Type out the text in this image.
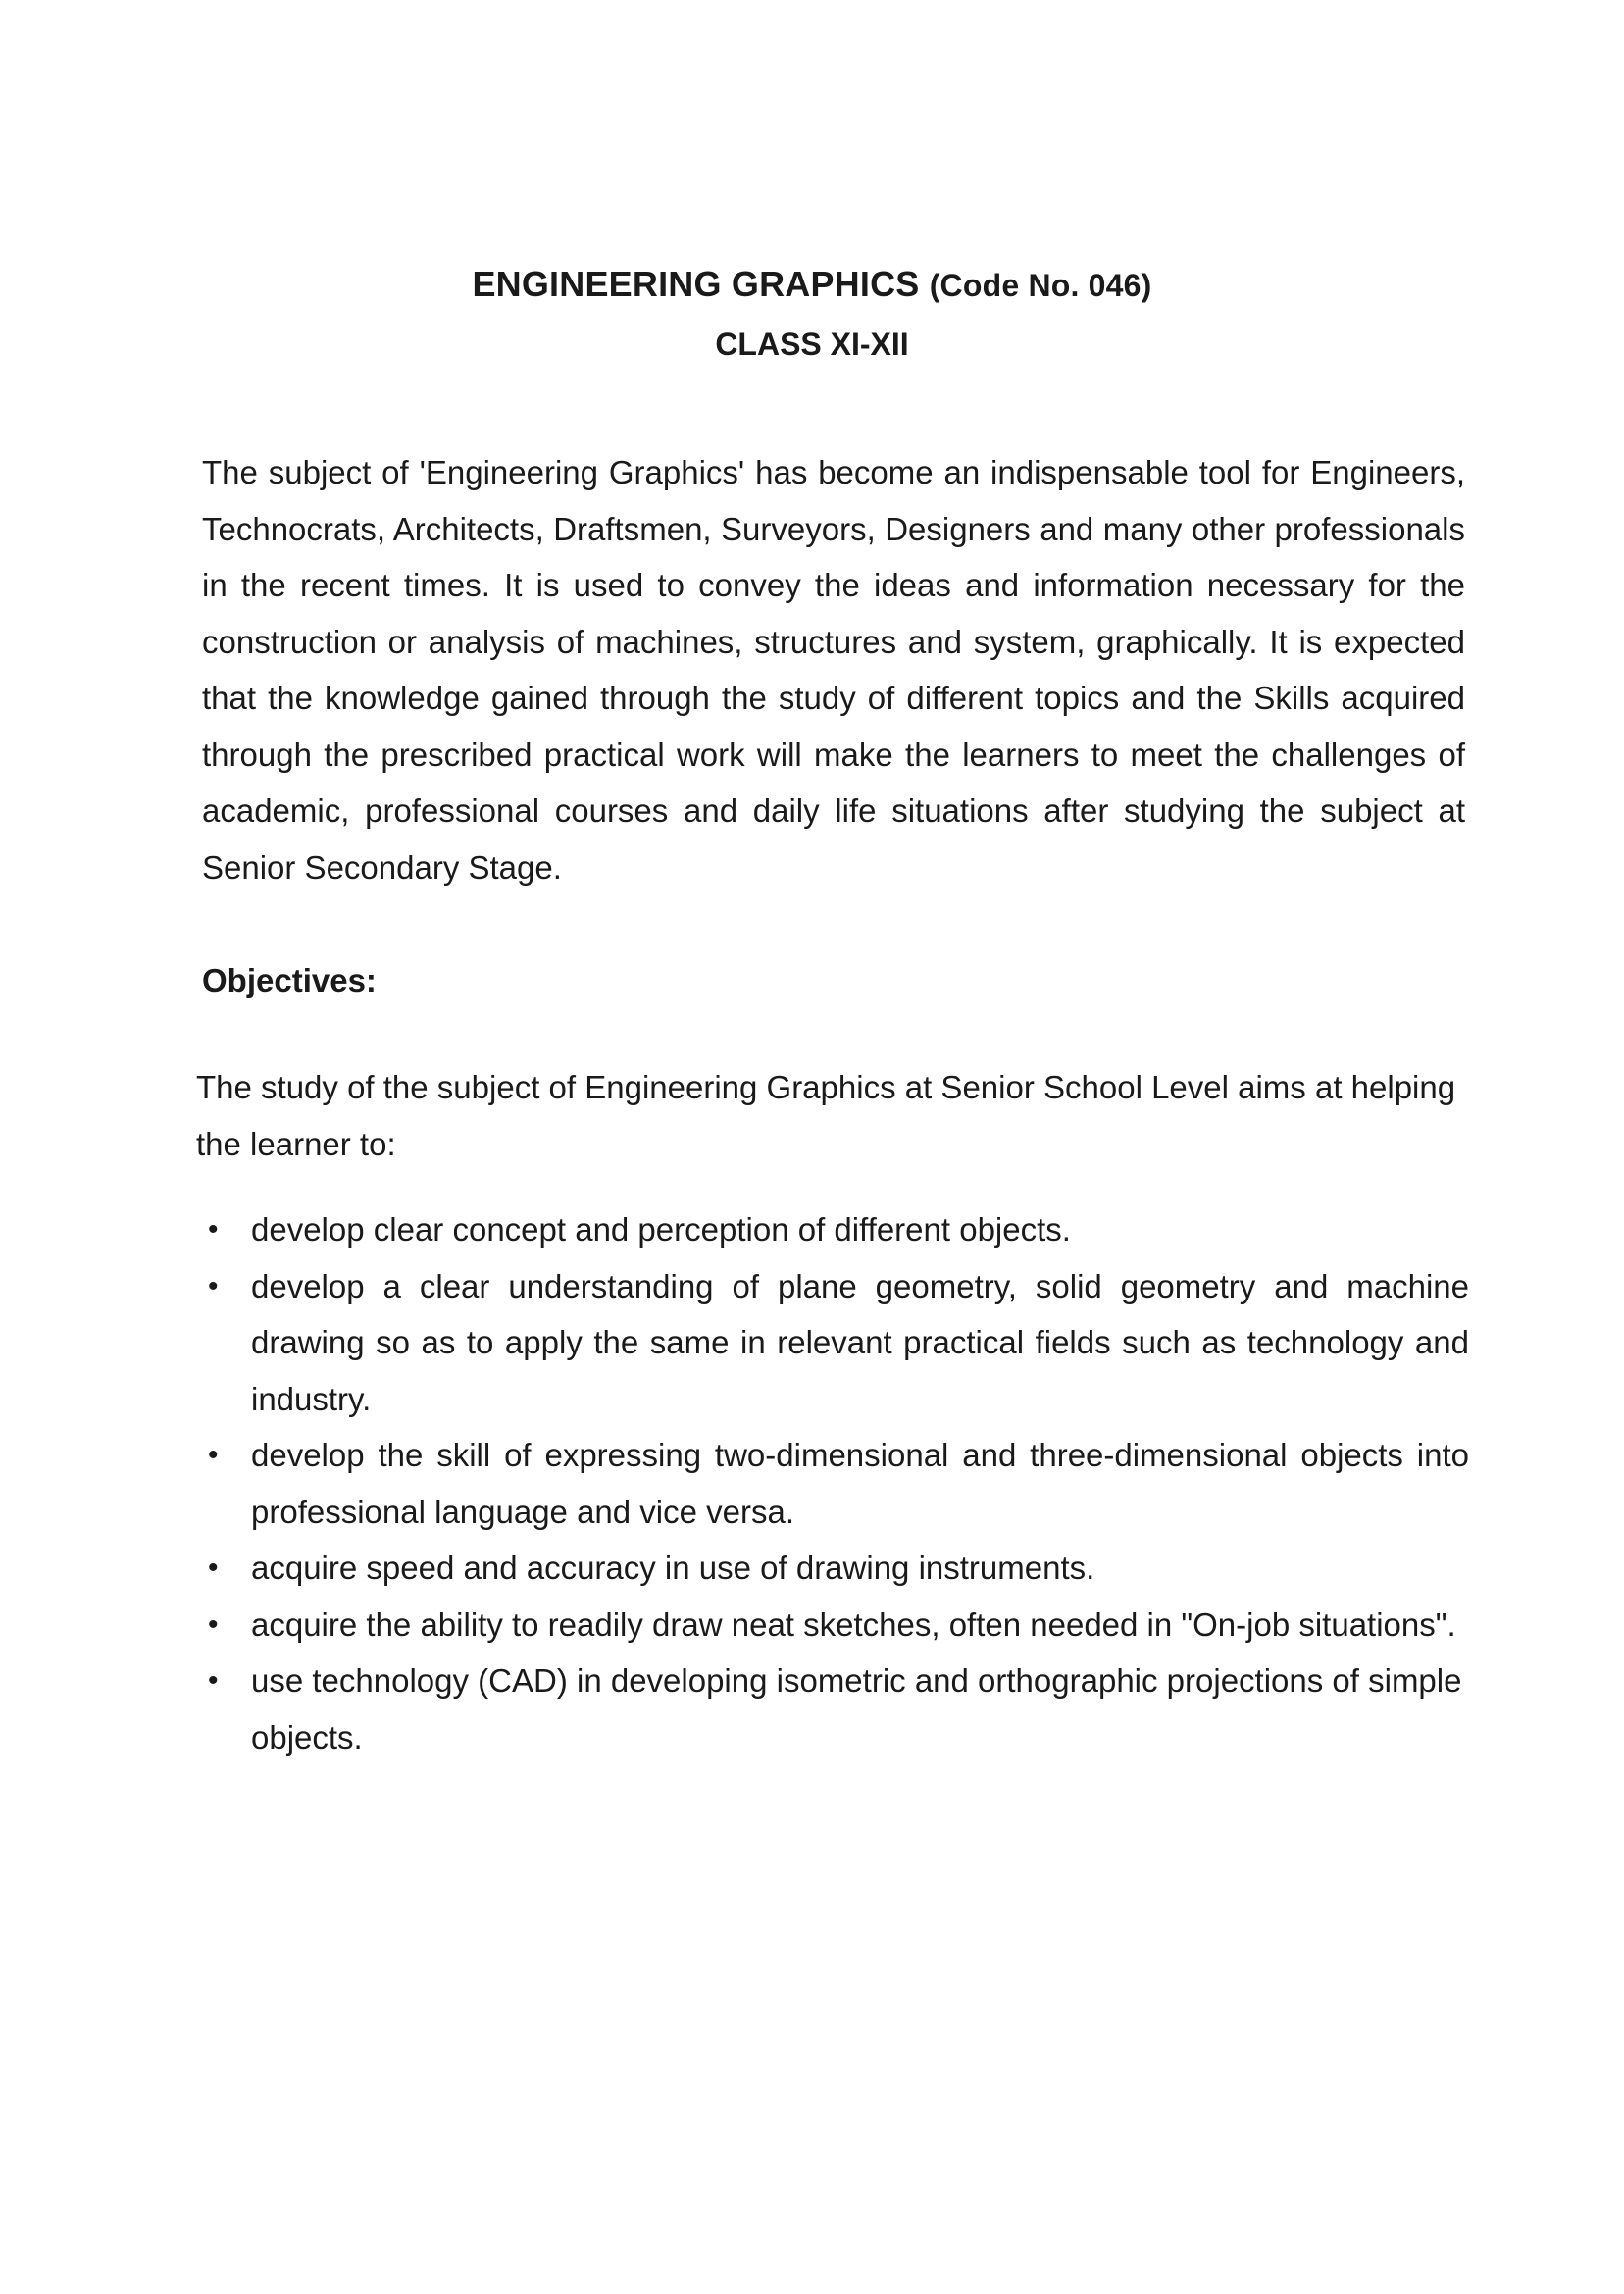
ENGINEERING GRAPHICS (Code No. 046)

CLASS XI-XII

The subject of 'Engineering Graphics' has become an indispensable tool for Engineers, Technocrats, Architects, Draftsmen, Surveyors, Designers and many other professionals in the recent times. It is used to convey the ideas and information necessary for the construction or analysis of machines, structures and system, graphically. It is expected that the knowledge gained through the study of different topics and the Skills acquired through the prescribed practical work will make the learners to meet the challenges of academic, professional courses and daily life situations after studying the subject at Senior Secondary Stage.

Objectives:

The study of the subject of Engineering Graphics at Senior School Level aims at helping
the learner to:

• develop clear concept and perception of different objects.
• develop a clear understanding of plane geometry, solid geometry and machine drawing so as to apply the same in relevant practical fields such as technology and industry.
• develop the skill of expressing two-dimensional and three-dimensional objects into professional language and vice versa.
• acquire speed and accuracy in use of drawing instruments.
• acquire the ability to readily draw neat sketches, often needed in "On-job situations".
• use technology (CAD) in developing isometric and orthographic projections of simple objects.
